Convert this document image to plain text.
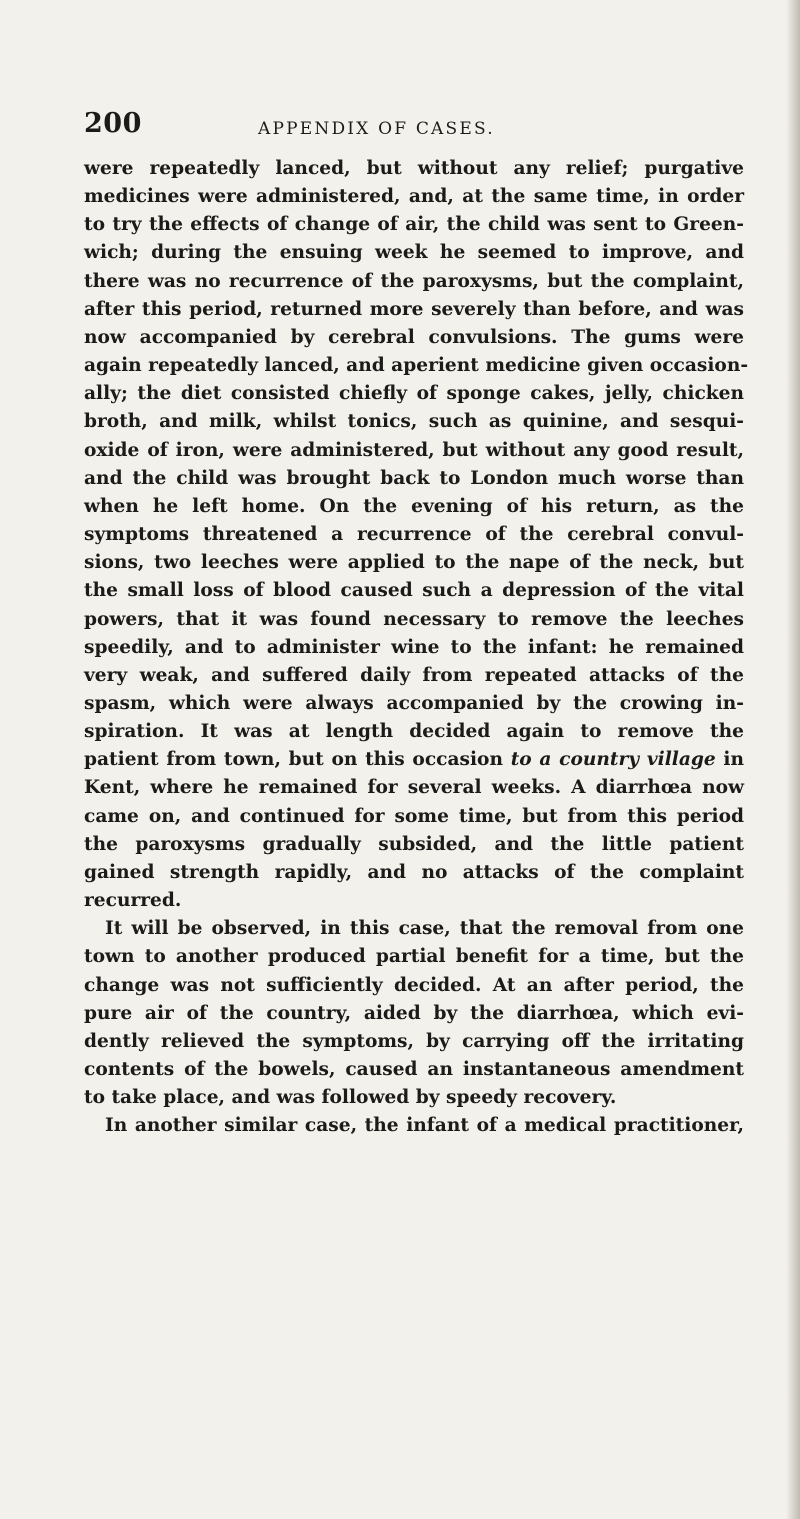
200	APPENDIX OF CASES.
were repeatedly lanced, but without any relief; purgative
medicines were administered, and, at the same time, in order
to try the effects of change of air, the child was sent to Green-
wich; during the ensuing week he seemed to improve, and
there was no recurrence of the paroxysms, but the complaint,
after this period, returned more severely than before, and was
now accompanied by cerebral convulsions. The gums were
again repeatedly lanced, and aperient medicine given occasion-
ally; the diet consisted chiefly of sponge cakes, jelly, chicken
broth, and milk, whilst tonics, such as quinine, and sesqui-
oxide of iron, were administered, but without any good result,
and the child was brought back to London much worse than
when he left home. On the evening of his return, as the
symptoms threatened a recurrence of the cerebral convul-
sions, two leeches were applied to the nape of the neck, but
the small loss of blood caused such a depression of the vital
powers, that it was found necessary to remove the leeches
speedily, and to administer wine to the infant: he remained
very weak, and suffered daily from repeated attacks of the
spasm, which were always accompanied by the crowing in-
spiration. It was at length decided again to remove the
patient from town, but on this occasion to a country village in
Kent, where he remained for several weeks. A diarrhœa now
came on, and continued for some time, but from this period
the paroxysms gradually subsided, and the little patient
gained strength rapidly, and no attacks of the complaint
recurred.
It will be observed, in this case, that the removal from one
town to another produced partial benefit for a time, but the
change was not sufficiently decided. At an after period, the
pure air of the country, aided by the diarrhœa, which evi-
dently relieved the symptoms, by carrying off the irritating
contents of the bowels, caused an instantaneous amendment
to take place, and was followed by speedy recovery.
In another similar case, the infant of a medical practitioner,
